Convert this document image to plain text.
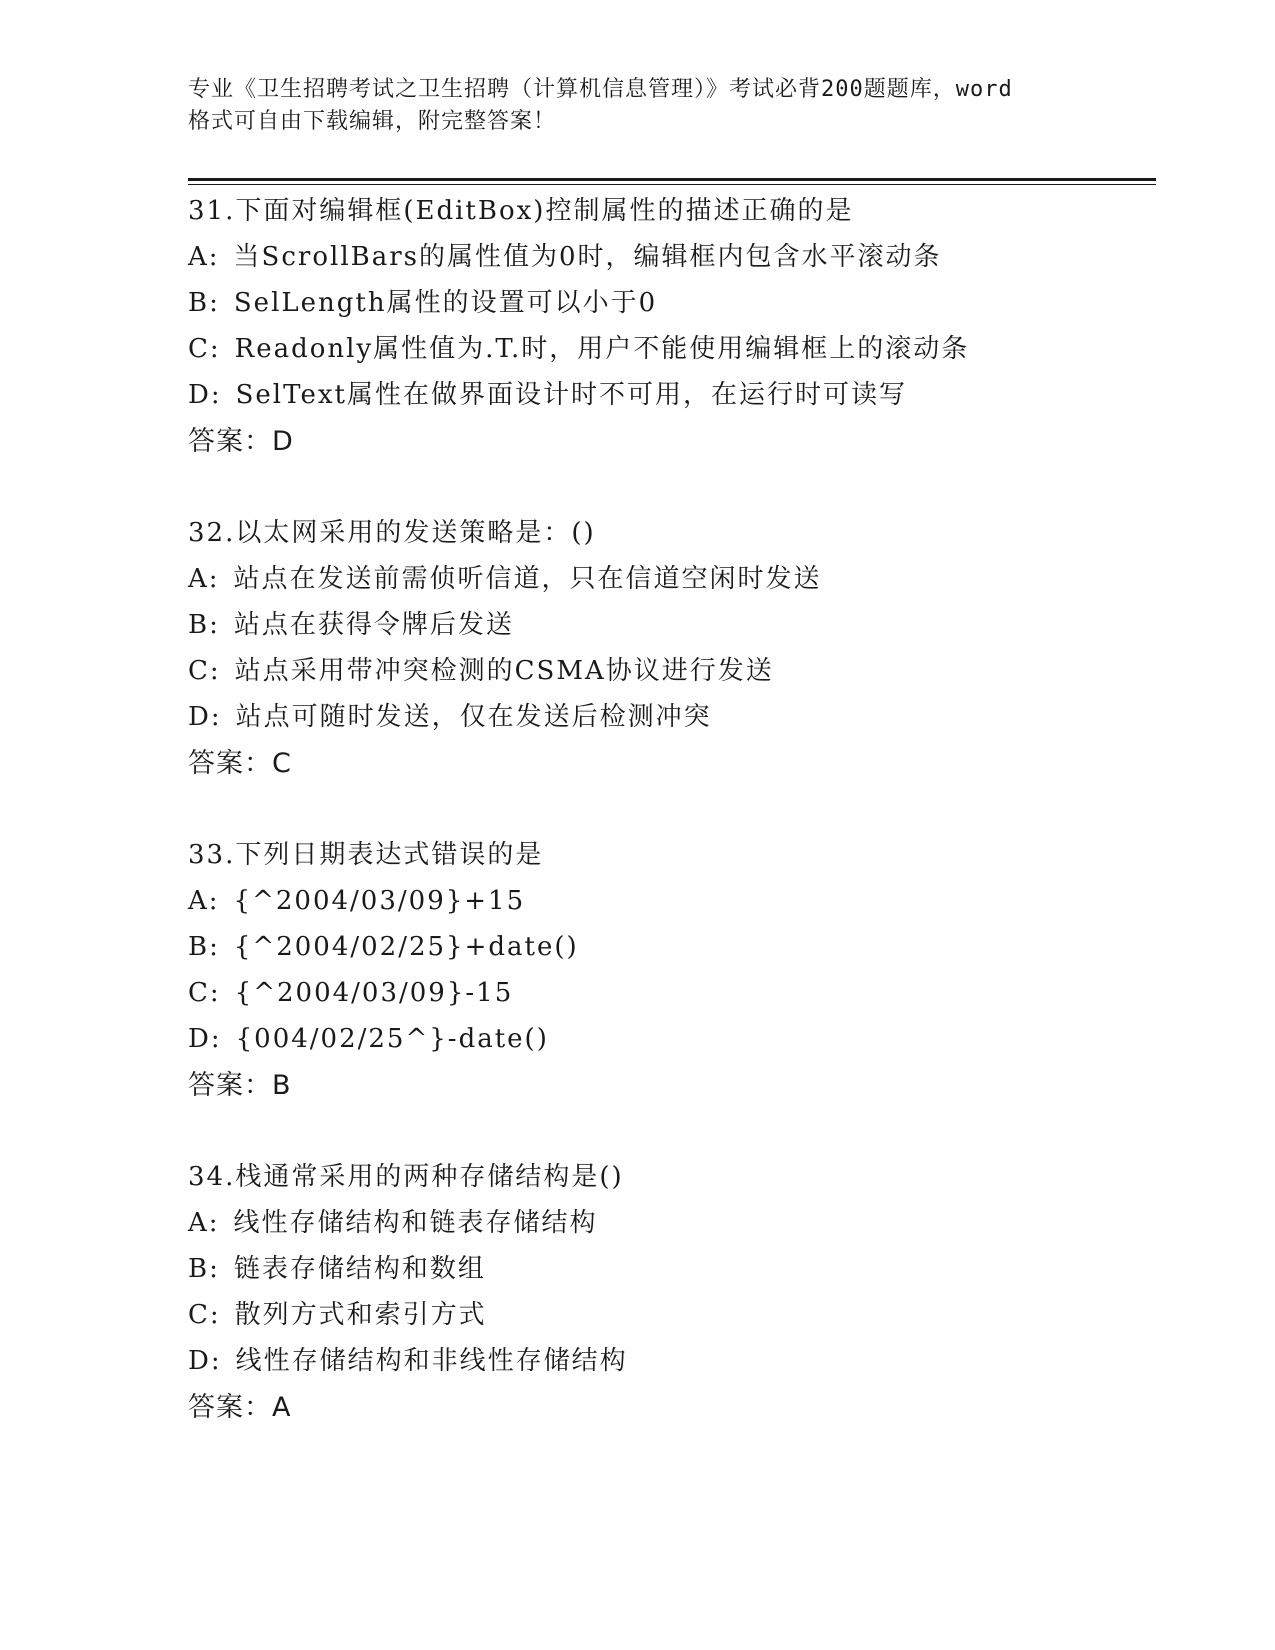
专业《卫生招聘考试之卫生招聘（计算机信息管理）》考试必背200题题库，word
格式可自由下载编辑，附完整答案！
31.下面对编辑框(EditBox)控制属性的描述正确的是
A: 当ScrollBars的属性值为0时，编辑框内包含水平滚动条
B: SelLength属性的设置可以小于0
C: Readonly属性值为.T.时，用户不能使用编辑框上的滚动条
D: SelText属性在做界面设计时不可用，在运行时可读写
答案：D
32.以太网采用的发送策略是：()
A: 站点在发送前需侦听信道，只在信道空闲时发送
B: 站点在获得令牌后发送
C: 站点采用带冲突检测的CSMA协议进行发送
D: 站点可随时发送，仅在发送后检测冲突
答案：C
33.下列日期表达式错误的是
A: {^2004/03/09}+15
B: {^2004/02/25}+date()
C: {^2004/03/09}-15
D: {004/02/25^}-date()
答案：B
34.栈通常采用的两种存储结构是()
A: 线性存储结构和链表存储结构
B: 链表存储结构和数组
C: 散列方式和索引方式
D: 线性存储结构和非线性存储结构
答案：A
